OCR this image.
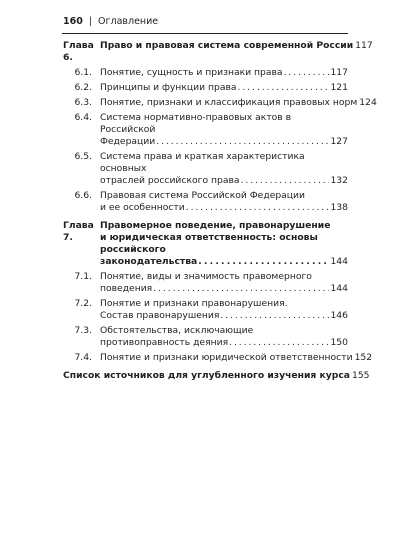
160 | Оглавление
Глава 6.
Право и правовая система современной России 117
6.1. Понятие, сущность и признаки права . . .	117
6.2. Принципы и функции права . . .	121
6.3. Понятие, признаки и классификация правовых норм 124
6.4. Система нормативно-правовых актов в Российской
Федерации . . .	127
6.5. Система права и краткая характеристика основных
отраслей российского права . . .	132
6.6. Правовая система Российской Федерации
и ее особенности . . .	138
Глава 7.
Правомерное поведение, правонарушение
и юридическая ответственность: основы российского
законодательства . . .	144
7.1. Понятие, виды и значимость правомерного
поведения . . .	144
7.2. Понятие и признаки правонарушения.
Состав правонарушения . . .	146
7.3. Обстоятельства, исключающие
противоправность деяния . . .	150
7.4. Понятие и признаки юридической ответственности 152
Список источников для углубленного изучения курса 155
